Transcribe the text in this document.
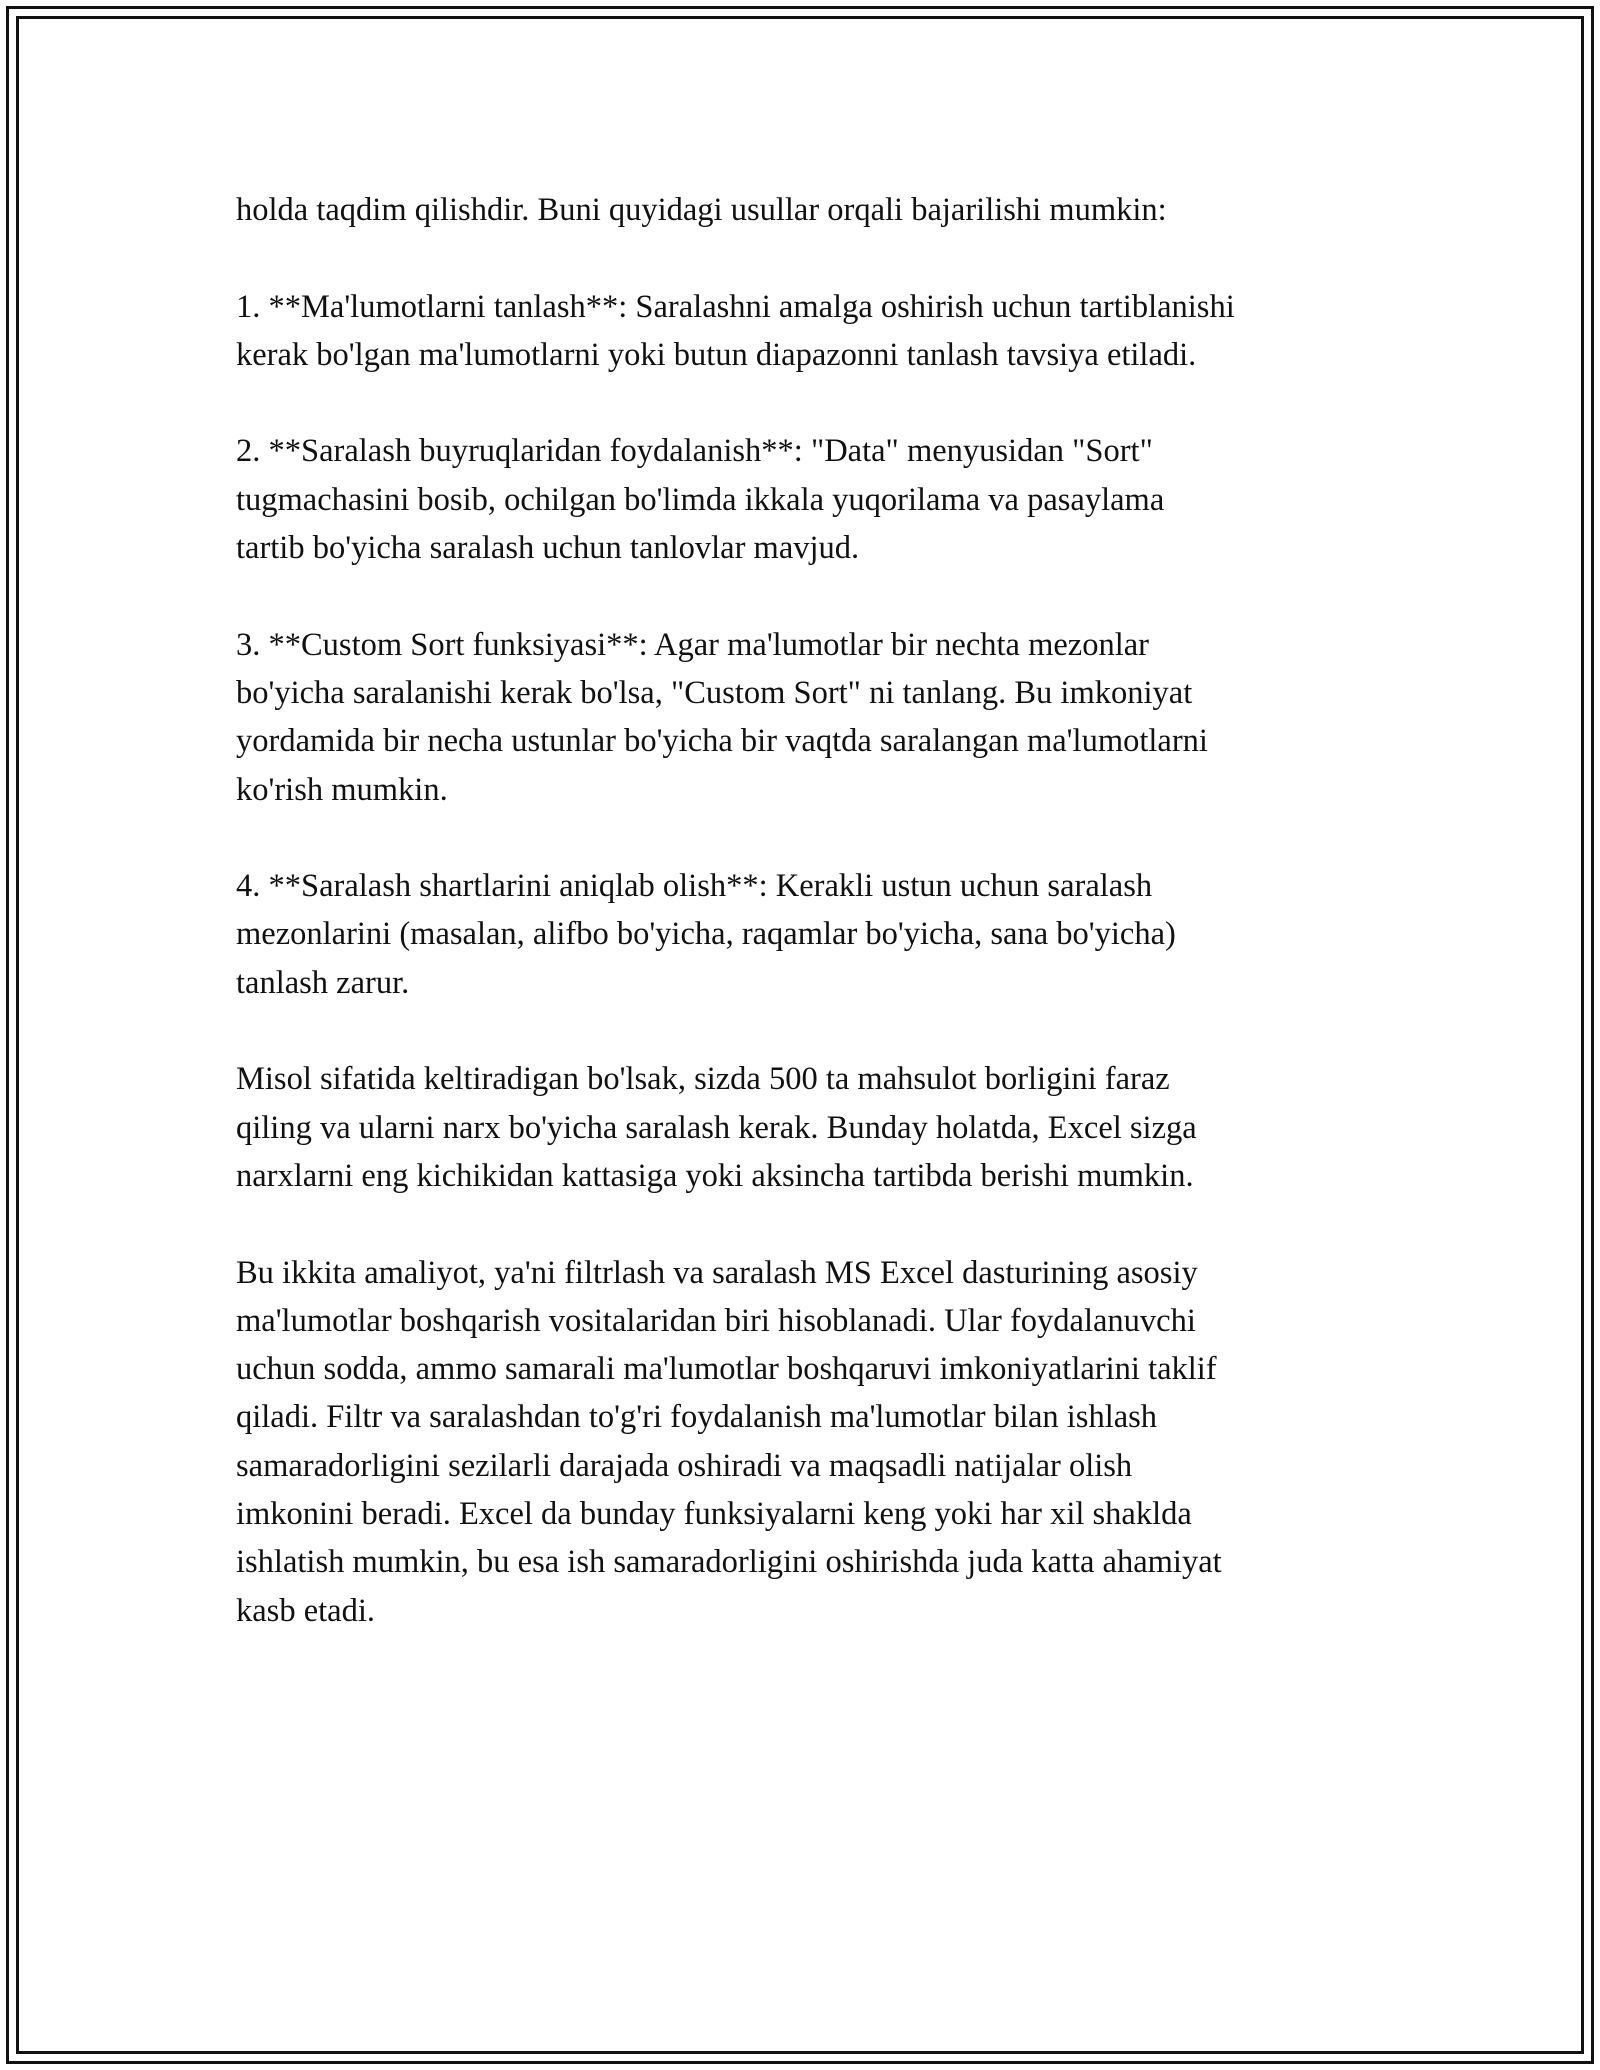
holda taqdim qilishdir. Buni quyidagi usullar orqali bajarilishi mumkin:

1. **Ma'lumotlarni tanlash**: Saralashni amalga oshirish uchun tartiblanishi
kerak bo'lgan ma'lumotlarni yoki butun diapazonni tanlash tavsiya etiladi.

2. **Saralash buyruqlaridan foydalanish**: "Data" menyusidan "Sort"
tugmachasini bosib, ochilgan bo'limda ikkala yuqorilama va pasaylama
tartib bo'yicha saralash uchun tanlovlar mavjud.

3. **Custom Sort funksiyasi**: Agar ma'lumotlar bir nechta mezonlar
bo'yicha saralanishi kerak bo'lsa, "Custom Sort" ni tanlang. Bu imkoniyat
yordamida bir necha ustunlar bo'yicha bir vaqtda saralangan ma'lumotlarni
ko'rish mumkin.

4. **Saralash shartlarini aniqlab olish**: Kerakli ustun uchun saralash
mezonlarini (masalan, alifbo bo'yicha, raqamlar bo'yicha, sana bo'yicha)
tanlash zarur.

Misol sifatida keltiradigan bo'lsak, sizda 500 ta mahsulot borligini faraz
qiling va ularni narx bo'yicha saralash kerak. Bunday holatda, Excel sizga
narxlarni eng kichikidan kattasiga yoki aksincha tartibda berishi mumkin.

Bu ikkita amaliyot, ya'ni filtrlash va saralash MS Excel dasturining asosiy
ma'lumotlar boshqarish vositalaridan biri hisoblanadi. Ular foydalanuvchi
uchun sodda, ammo samarali ma'lumotlar boshqaruvi imkoniyatlarini taklif
qiladi. Filtr va saralashdan to'g'ri foydalanish ma'lumotlar bilan ishlash
samaradorligini sezilarli darajada oshiradi va maqsadli natijalar olish
imkonini beradi. Excel da bunday funksiyalarni keng yoki har xil shaklda
ishlatish mumkin, bu esa ish samaradorligini oshirishda juda katta ahamiyat
kasb etadi.
